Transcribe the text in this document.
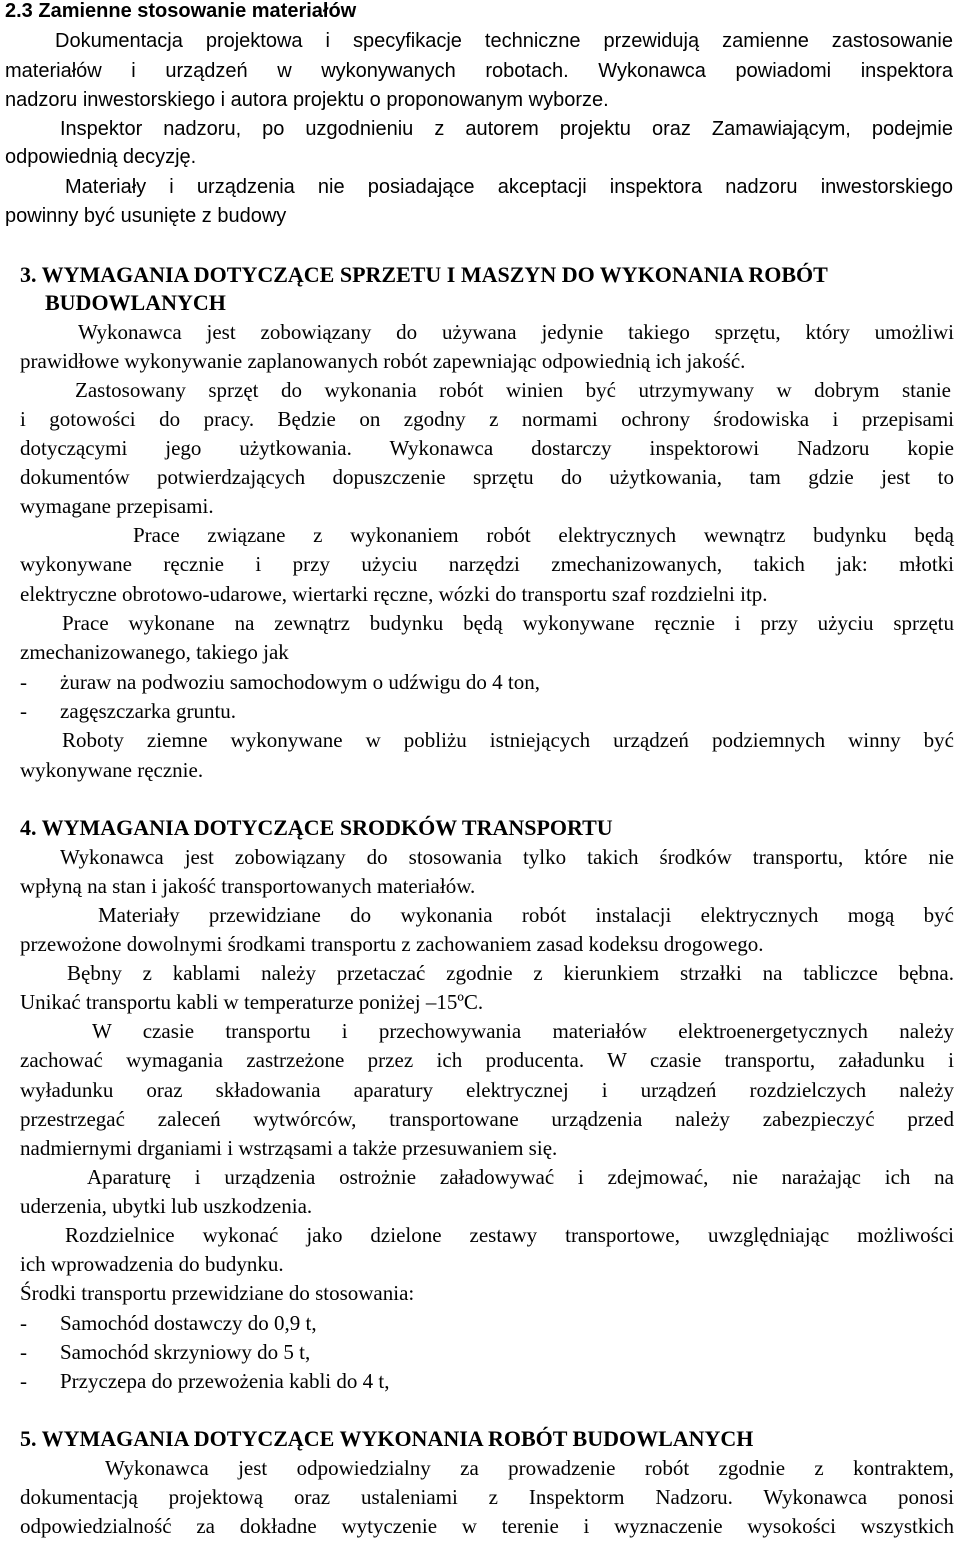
2.3 Zamienne stosowanie materiałów
Dokumentacja projektowa i specyfikacje techniczne przewidują zamienne zastosowanie
materiałów i urządzeń w wykonywanych robotach. Wykonawca powiadomi inspektora
nadzoru inwestorskiego i autora projektu o proponowanym wyborze.
Inspektor nadzoru, po uzgodnieniu z autorem projektu oraz Zamawiającym, podejmie
odpowiednią decyzję.
Materiały i urządzenia nie posiadające akceptacji inspektora nadzoru inwestorskiego
powinny być usunięte z budowy
3. WYMAGANIA DOTYCZĄCE SPRZETU I MASZYN DO WYKONANIA ROBÓT
BUDOWLANYCH
Wykonawca jest zobowiązany do używana jedynie takiego sprzętu, który umożliwi
prawidłowe wykonywanie zaplanowanych robót zapewniając odpowiednią ich jakość.
Zastosowany sprzęt do wykonania robót winien być utrzymywany w dobrym stanie
i gotowości do pracy. Będzie on zgodny z normami ochrony środowiska i przepisami
dotyczącymi jego użytkowania. Wykonawca dostarczy inspektorowi Nadzoru kopie
dokumentów potwierdzających dopuszczenie sprzętu do użytkowania, tam gdzie jest to
wymagane przepisami.
Prace związane z wykonaniem robót elektrycznych wewnątrz budynku będą
wykonywane ręcznie i przy użyciu narzędzi zmechanizowanych, takich jak: młotki
elektryczne obrotowo-udarowe, wiertarki ręczne, wózki do transportu szaf rozdzielni itp.
Prace wykonane na zewnątrz budynku będą wykonywane ręcznie i przy użyciu sprzętu
zmechanizowanego, takiego jak
- żuraw na podwoziu samochodowym o udźwigu do 4 ton,
- zagęszczarka gruntu.
Roboty ziemne wykonywane w pobliżu istniejących urządzeń podziemnych winny być
wykonywane ręcznie.
4. WYMAGANIA DOTYCZĄCE SRODKÓW TRANSPORTU
Wykonawca jest zobowiązany do stosowania tylko takich środków transportu, które nie
wpłyną na stan i jakość transportowanych materiałów.
Materiały przewidziane do wykonania robót instalacji elektrycznych mogą być
przewożone dowolnymi środkami transportu z zachowaniem zasad kodeksu drogowego.
Bębny z kablami należy przetaczać zgodnie z kierunkiem strzałki na tabliczce bębna.
Unikać transportu kabli w temperaturze poniżej –15ºC.
W czasie transportu i przechowywania materiałów elektroenergetycznych należy
zachować wymagania zastrzeżone przez ich producenta. W czasie transportu, załadunku i
wyładunku oraz składowania aparatury elektrycznej i urządzeń rozdzielczych należy
przestrzegać zaleceń wytwórców, transportowane urządzenia należy zabezpieczyć przed
nadmiernymi drganiami i wstrząsami a także przesuwaniem się.
Aparaturę i urządzenia ostrożnie załadowywać i zdejmować, nie narażając ich na
uderzenia, ubytki lub uszkodzenia.
Rozdzielnice wykonać jako dzielone zestawy transportowe, uwzględniając możliwości
ich wprowadzenia do budynku.
Środki transportu przewidziane do stosowania:
- Samochód dostawczy do 0,9 t,
- Samochód skrzyniowy do 5 t,
- Przyczepa do przewożenia kabli do 4 t,
5. WYMAGANIA DOTYCZĄCE WYKONANIA ROBÓT BUDOWLANYCH
Wykonawca jest odpowiedzialny za prowadzenie robót zgodnie z kontraktem,
dokumentacją projektową oraz ustaleniami z Inspektorm Nadzoru. Wykonawca ponosi
odpowiedzialność za dokładne wytyczenie w terenie i wyznaczenie wysokości wszystkich
